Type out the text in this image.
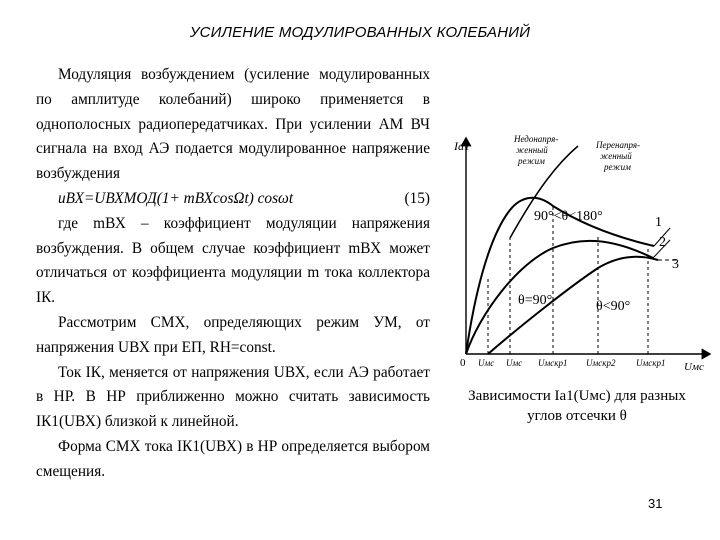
УСИЛЕНИЕ МОДУЛИРОВАННЫХ КОЛЕБАНИЙ

Модуляция возбуждением (усиление модулированных по амплитуде колебаний) широко применяется в однополосных радиопередатчиках. При усилении АМ ВЧ сигнала на вход АЭ подается модулированное напряжение возбуждения

uВХ=UВХМОД(1+ mВХcosΩt) cosωt	(15)

где mВХ – коэффициент модуляции напряжения возбуждения. В общем случае коэффициент mВХ может отличаться от коэффициента модуляции m тока коллектора IК.

Рассмотрим СМХ, определяющих режим УМ, от напряжения UВХ при EП, RН=const.

Ток IК, меняется от напряжения UВХ, если АЭ работает в НР. В НР приближенно можно считать зависимость IК1(UВХ) близкой к линейной.

Форма СМХ тока IК1(UВХ) в НР определяется выбором смещения.

Ia1
Uмс
0 Uмс Uмс Uмскр1 Uмскр2 Uмскр1
Недонапря-женный режим
Перенапря-женный режим
90°<θ<180°
θ=90°	θ<90°
1
2
3
Зависимости Ia1(Uмс) для разных углов отсечки θ
31
